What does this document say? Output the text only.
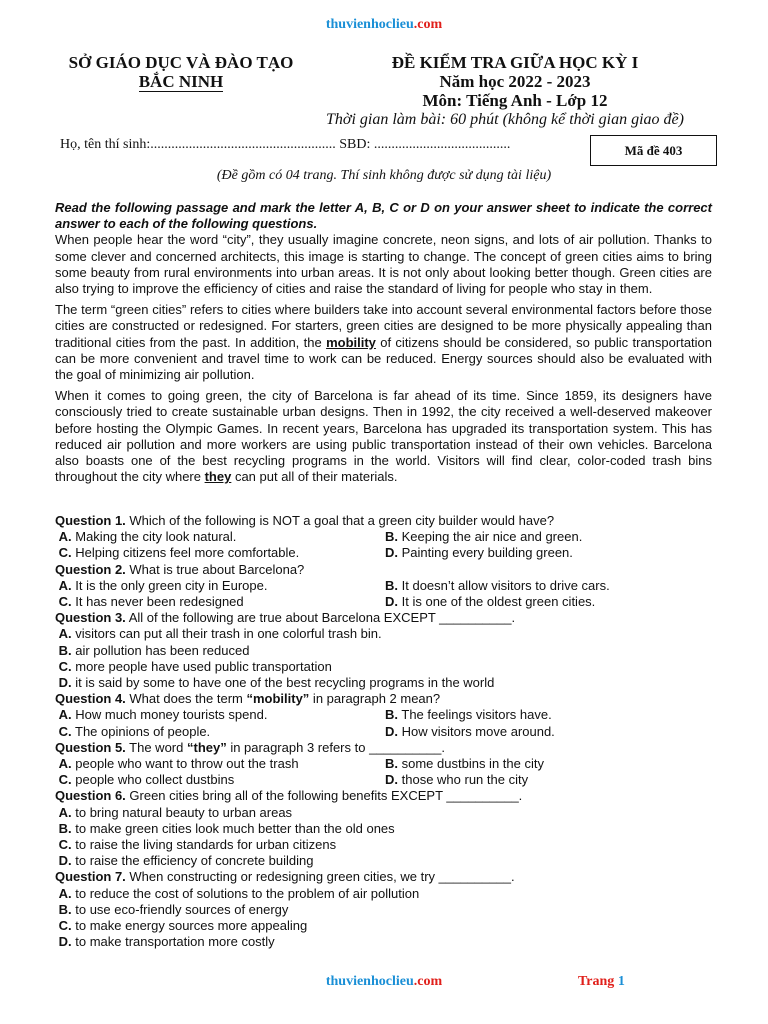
thuvienhoclieu.com
SỞ GIÁO DỤC VÀ ĐÀO TẠO
BẮC NINH
ĐỀ KIỂM TRA GIỮA HỌC KỲ I
Năm học 2022 - 2023
Môn: Tiếng Anh - Lớp 12
Thời gian làm bài: 60 phút (không kể thời gian giao đề)
Họ, tên thí sinh:..................................................... SBD: .......................................	Mã đề 403
(Đề gồm có 04 trang. Thí sinh không được sử dụng tài liệu)
Read the following passage and mark the letter A, B, C or D on your answer sheet to indicate the correct answer to each of the following questions.
When people hear the word “city”, they usually imagine concrete, neon signs, and lots of air pollution. Thanks to some clever and concerned architects, this image is starting to change. The concept of green cities aims to bring some beauty from rural environments into urban areas. It is not only about looking better though. Green cities are also trying to improve the efficiency of cities and raise the standard of living for people who stay in them.
The term “green cities” refers to cities where builders take into account several environmental factors before those cities are constructed or redesigned. For starters, green cities are designed to be more physically appealing than traditional cities from the past. In addition, the mobility of citizens should be considered, so public transportation can be more convenient and travel time to work can be reduced. Energy sources should also be evaluated with the goal of minimizing air pollution.
When it comes to going green, the city of Barcelona is far ahead of its time. Since 1859, its designers have consciously tried to create sustainable urban designs. Then in 1992, the city received a well-deserved makeover before hosting the Olympic Games. In recent years, Barcelona has upgraded its transportation system. This has reduced air pollution and more workers are using public transportation instead of their own vehicles. Barcelona also boasts one of the best recycling programs in the world. Visitors will find clear, color-coded trash bins throughout the city where they can put all of their materials.
Question 1. Which of the following is NOT a goal that a green city builder would have?
A. Making the city look natural.	B. Keeping the air nice and green.
C. Helping citizens feel more comfortable.	D. Painting every building green.
Question 2. What is true about Barcelona?
A. It is the only green city in Europe.	B. It doesn’t allow visitors to drive cars.
C. It has never been redesigned	D. It is one of the oldest green cities.
Question 3. All of the following are true about Barcelona EXCEPT __________.
A. visitors can put all their trash in one colorful trash bin.
B. air pollution has been reduced
C. more people have used public transportation
D. it is said by some to have one of the best recycling programs in the world
Question 4. What does the term “mobility” in paragraph 2 mean?
A. How much money tourists spend.	B. The feelings visitors have.
C. The opinions of people.	D. How visitors move around.
Question 5. The word “they” in paragraph 3 refers to __________.
A. people who want to throw out the trash	B. some dustbins in the city
C. people who collect dustbins	D. those who run the city
Question 6. Green cities bring all of the following benefits EXCEPT __________.
A. to bring natural beauty to urban areas
B. to make green cities look much better than the old ones
C. to raise the living standards for urban citizens
D. to raise the efficiency of concrete building
Question 7. When constructing or redesigning green cities, we try __________.
A. to reduce the cost of solutions to the problem of air pollution
B. to use eco-friendly sources of energy
C. to make energy sources more appealing
D. to make transportation more costly
thuvienhoclieu.com	Trang 1
